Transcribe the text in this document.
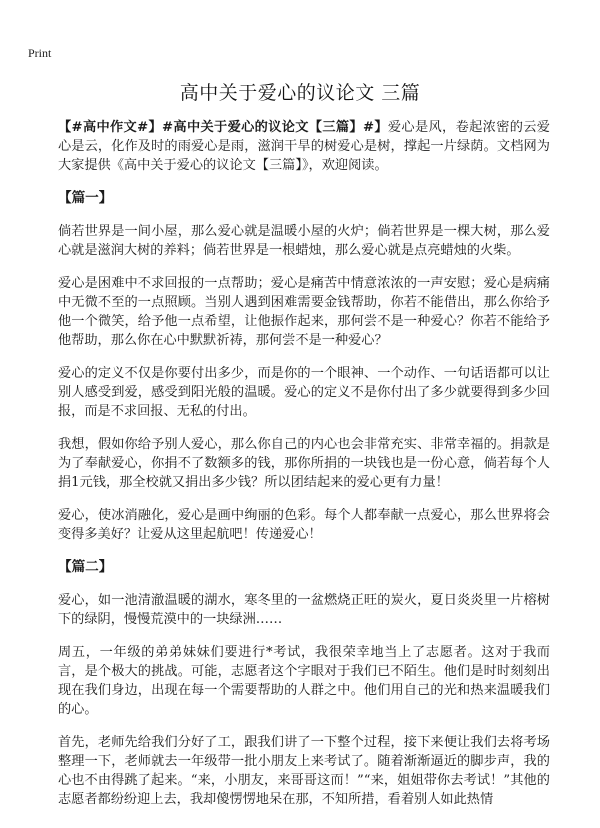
Print
高中关于爱心的议论文 三篇

【#高中作文#】#高中关于爱心的议论文【三篇】#】爱心是风，卷起浓密的云爱心是云，化作及时的雨爱心是雨，滋润干旱的树爱心是树，撑起一片绿荫。文档网为大家提供《高中关于爱心的议论文【三篇】》，欢迎阅读。

【篇一】

倘若世界是一间小屋，那么爱心就是温暖小屋的火炉；倘若世界是一棵大树，那么爱心就是滋润大树的养料；倘若世界是一根蜡烛，那么爱心就是点亮蜡烛的火柴。

爱心是困难中不求回报的一点帮助；爱心是痛苦中情意浓浓的一声安慰；爱心是病痛中无微不至的一点照顾。当别人遇到困难需要金钱帮助，你若不能借出，那么你给予他一个微笑，给予他一点希望，让他振作起来，那何尝不是一种爱心？你若不能给予他帮助，那么你在心中默默祈祷，那何尝不是一种爱心？

爱心的定义不仅是你要付出多少，而是你的一个眼神、一个动作、一句话语都可以让别人感受到爱，感受到阳光般的温暖。爱心的定义不是你付出了多少就要得到多少回报，而是不求回报、无私的付出。

我想，假如你给予别人爱心，那么你自己的内心也会非常充实、非常幸福的。捐款是为了奉献爱心，你捐不了数额多的钱，那你所捐的一块钱也是一份心意，倘若每个人捐1元钱，那全校就又捐出多少钱？所以团结起来的爱心更有力量！

爱心，使冰消融化，爱心是画中绚丽的色彩。每个人都奉献一点爱心，那么世界将会变得多美好？让爱从这里起航吧！传递爱心！

【篇二】

爱心，如一池清澈温暖的湖水，寒冬里的一盆燃烧正旺的炭火，夏日炎炎里一片榕树下的绿阴，慢慢荒漠中的一块绿洲……

周五，一年级的弟弟妹妹们要进行*考试，我很荣幸地当上了志愿者。这对于我而言，是个极大的挑战。可能，志愿者这个字眼对于我们已不陌生。他们是时时刻刻出现在我们身边，出现在每一个需要帮助的人群之中。他们用自己的光和热来温暖我们的心。

首先，老师先给我们分好了工，跟我们讲了一下整个过程，接下来便让我们去将考场整理一下，老师就去一年级带一批小朋友上来考试了。随着渐渐逼近的脚步声，我的心也不由得跳了起来。“来，小朋友，来哥哥这而！”“来，姐姐带你去考试！”其他的志愿者都纷纷迎上去，我却傻愣愣地呆在那，不知所措，看着别人如此热情
